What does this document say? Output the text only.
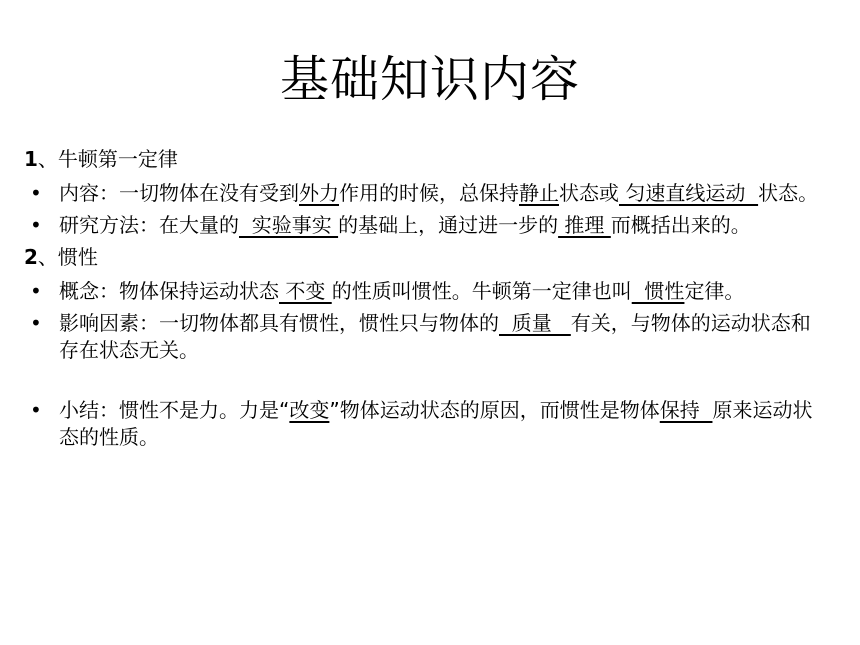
基础知识内容
1、牛顿第一定律
• 内容：一切物体在没有受到外力作用的时候，总保持静止状态或 匀速直线运动  状态。
• 研究方法：在大量的  实验事实 的基础上，通过进一步的 推理 而概括出来的。
2、惯性
• 概念：物体保持运动状态 不变 的性质叫惯性。牛顿第一定律也叫  惯性定律。
• 影响因素：一切物体都具有惯性，惯性只与物体的  质量   有关，与物体的运动状态和存在状态无关。
• 小结：惯性不是力。力是“改变”物体运动状态的原因，而惯性是物体保持  原来运动状态的性质。
